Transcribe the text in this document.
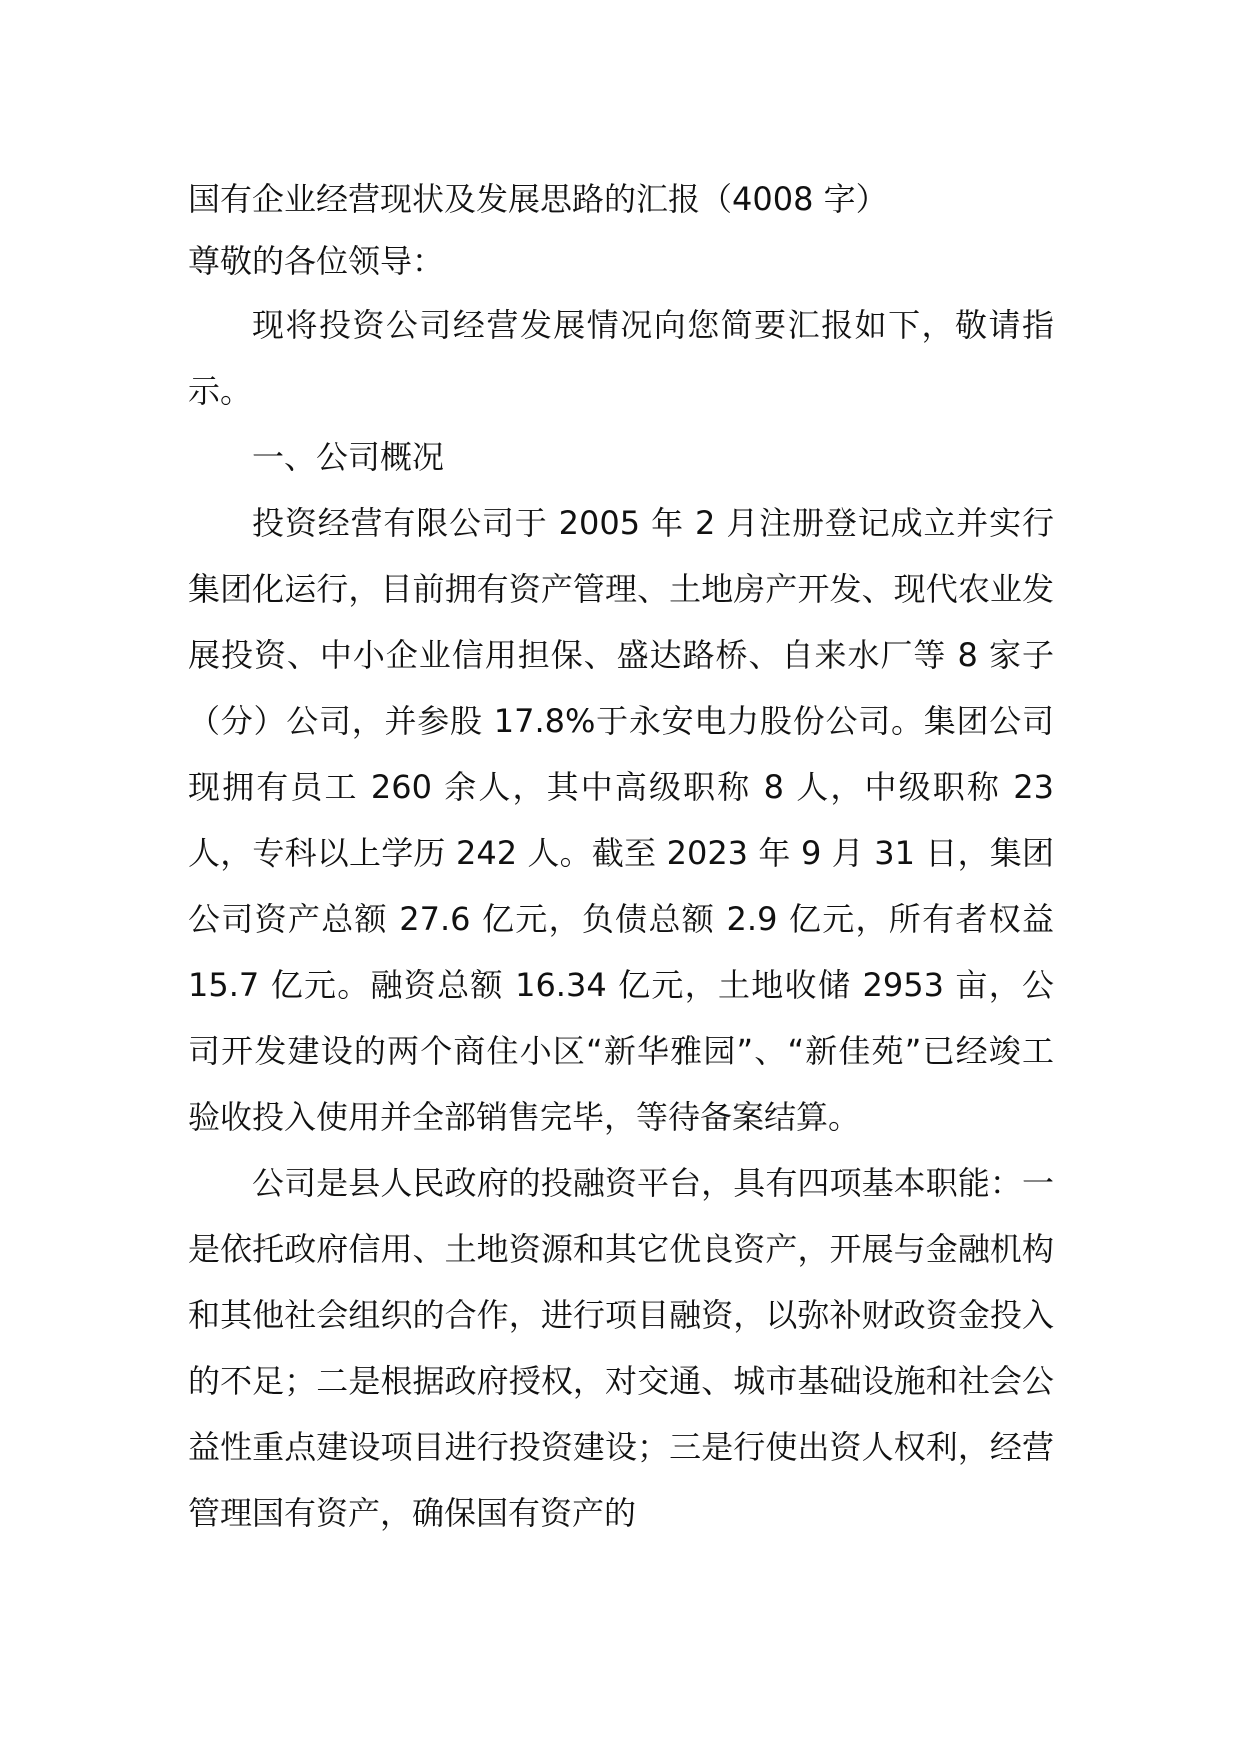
国有企业经营现状及发展思路的汇报（4008 字）

尊敬的各位领导：

现将投资公司经营发展情况向您简要汇报如下，敬请指示。

一、公司概况

投资经营有限公司于 2005 年 2 月注册登记成立并实行集团化运行，目前拥有资产管理、土地房产开发、现代农业发展投资、中小企业信用担保、盛达路桥、自来水厂等 8 家子（分）公司，并参股 17.8%于永安电力股份公司。集团公司现拥有员工 260 余人，其中高级职称 8 人，中级职称 23 人，专科以上学历 242 人。截至 2023 年 9 月 31 日，集团公司资产总额 27.6 亿元，负债总额 2.9 亿元，所有者权益 15.7 亿元。融资总额 16.34 亿元，土地收储 2953 亩，公司开发建设的两个商住小区“新华雅园”、“新佳苑”已经竣工验收投入使用并全部销售完毕，等待备案结算。

公司是县人民政府的投融资平台，具有四项基本职能：一是依托政府信用、土地资源和其它优良资产，开展与金融机构和其他社会组织的合作，进行项目融资，以弥补财政资金投入的不足；二是根据政府授权，对交通、城市基础设施和社会公益性重点建设项目进行投资建设；三是行使出资人权利，经营管理国有资产，确保国有资产的
